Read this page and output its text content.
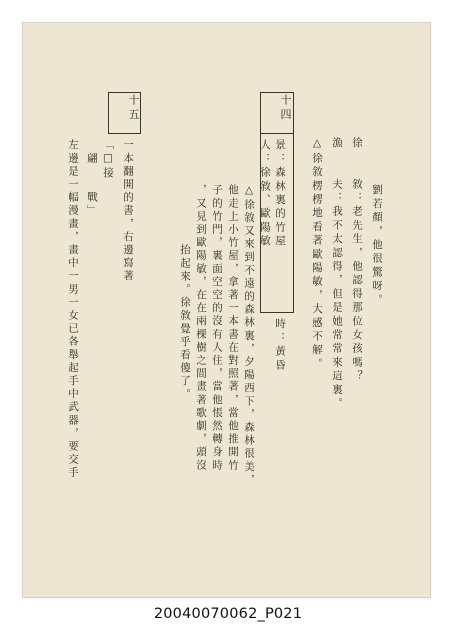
十四
景：森林裏的竹屋
時：黃昏
劉若顏，他很驚呀。
徐　　敘：老先生，他認得那位女孩嗎？
漁　　夫：我不太認得，但是她常常來這裏。
△徐敘楞楞地看著歐陽敏，大感不解。
人：徐敘、歐陽敏
△徐敘又來到不遠的森林裏，夕陽西下，森林很美，
他走上小竹屋，拿著一本書在對照著，當他推開竹
子的竹門，裏面空空的沒有人住，當他悵然轉身時
，又見到歐陽敏，在在兩棵樹之間畫著歌劇，頭沒
抬起來。徐敘覺乎看傻了。
十五
一本翻開的書，右邊寫著
「□接
　翩　　戰」
左邊是一幅漫畫，畫中一男一女已各舉起手中武器，要交手
20040070062_P021
